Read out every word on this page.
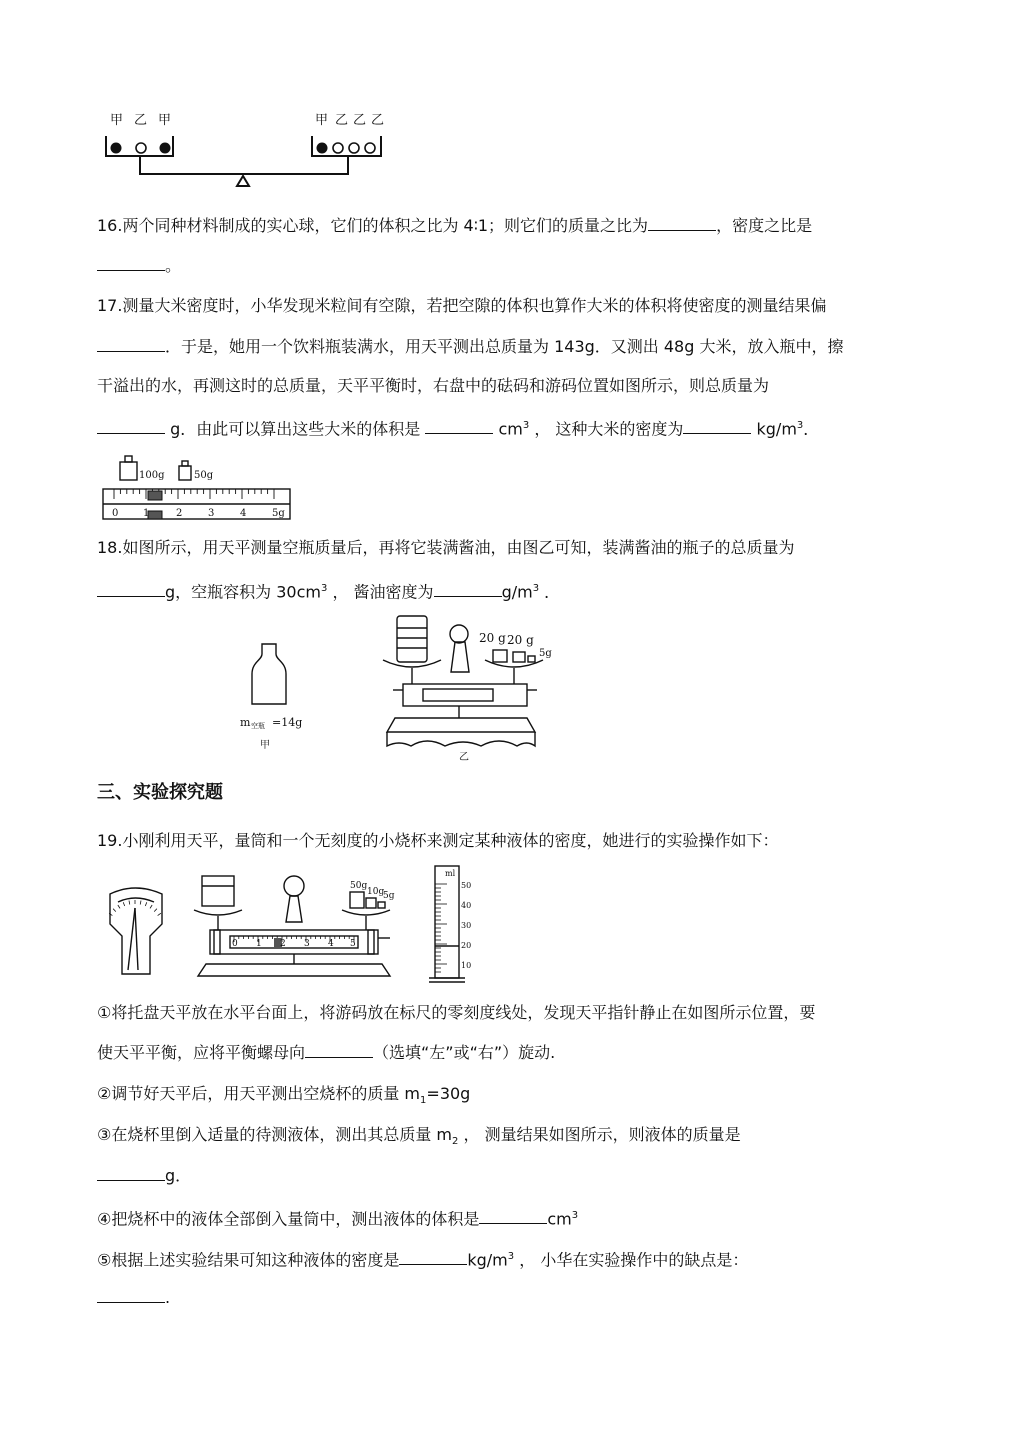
甲 乙 甲	甲 乙 乙 乙
16.两个同种材料制成的实心球，它们的体积之比为 4∶1；则它们的质量之比为	，密度之比是
。
17.测量大米密度时，小华发现米粒间有空隙，若把空隙的体积也算作大米的体积将使密度的测量结果偏
．于是，她用一个饮料瓶装满水，用天平测出总质量为 143g．又测出 48g 大米，放入瓶中，擦
干溢出的水，再测这时的总质量，天平平衡时，右盘中的砝码和游码位置如图所示，则总质量为
g．由此可以算出这些大米的体积是	$cm^3$ ， 这种大米的密度为	$kg/m^3$．
100g	50g
0 1	2	3	4	5g
18.如图所示，用天平测量空瓶质量后，再将它装满酱油，由图乙可知，装满酱油的瓶子的总质量为
g，空瓶容积为 $30cm^3$ ， 酱油密度为	$g/m^3$ ．
m 空瓶 =14g
甲
20 g 20 g
5g
乙
三、实验探究题
19.小刚利用天平，量筒和一个无刻度的小烧杯来测定某种液体的密度，她进行的实验操作如下：
50g
10g
5g
0 1 2 3 4 5
ml
50
40
30
20
10
①将托盘天平放在水平台面上，将游码放在标尺的零刻度线处，发现天平指针静止在如图所示位置，要
使天平平衡，应将平衡螺母向	（选填“左”或“右”）旋动.
②调节好天平后，用天平测出空烧杯的质量 $m_1=30g$
③在烧杯里倒入适量的待测液体，测出其总质量 $m_2$ ， 测量结果如图所示，则液体的质量是
g．
④把烧杯中的液体全部倒入量筒中，测出液体的体积是	$cm^3$
⑤根据上述实验结果可知这种液体的密度是	$kg/m^3$ ， 小华在实验操作中的缺点是：
.
